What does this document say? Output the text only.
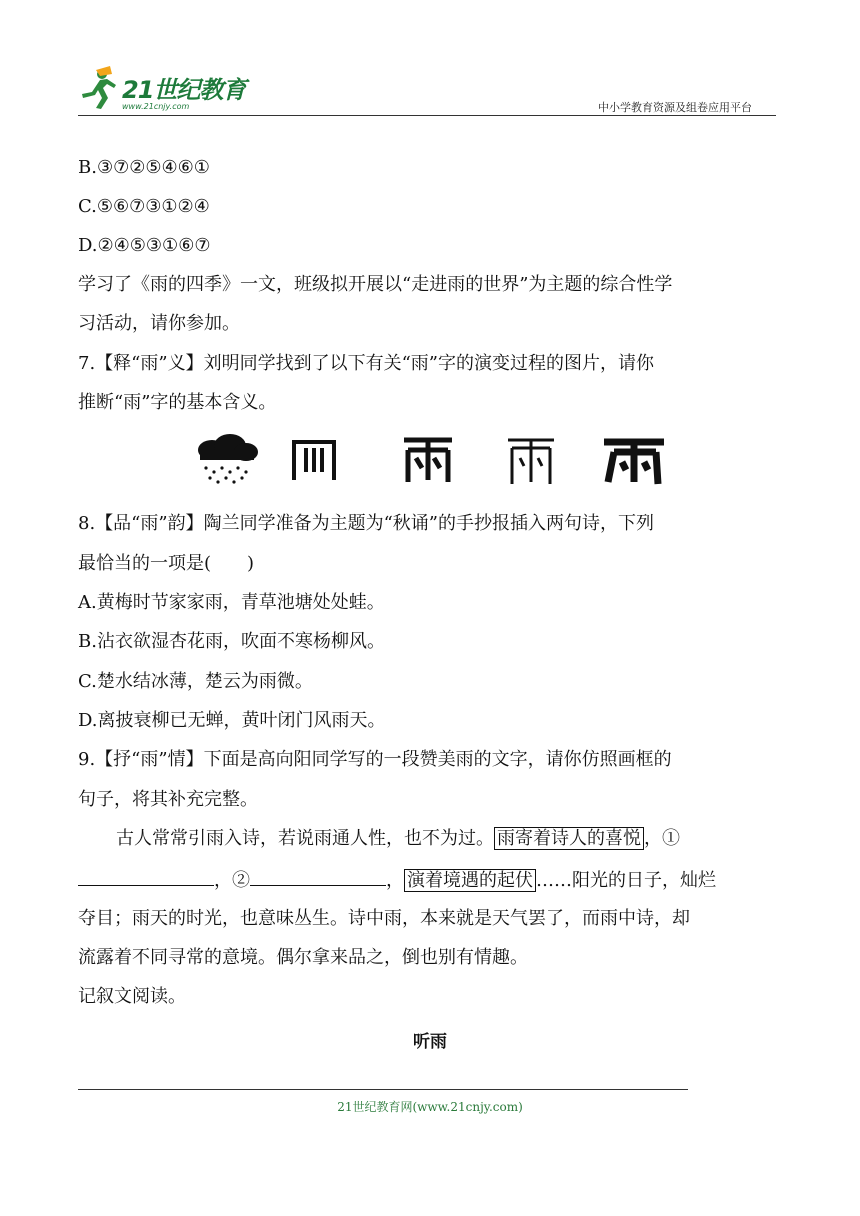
21世纪教育
www.21cnjy.com	中小学教育资源及组卷应用平台
B.③⑦②⑤④⑥①
C.⑤⑥⑦③①②④
D.②④⑤③①⑥⑦
学习了《雨的四季》一文，班级拟开展以“走进雨的世界”为主题的综合性学
习活动，请你参加。
7.【释“雨”义】刘明同学找到了以下有关“雨”字的演变过程的图片，请你
推断“雨”字的基本含义。
8.【品“雨”韵】陶兰同学准备为主题为“秋诵”的手抄报插入两句诗，下列
最恰当的一项是(　　)
A.黄梅时节家家雨，青草池塘处处蛙。
B.沾衣欲湿杏花雨，吹面不寒杨柳风。
C.楚水结冰薄，楚云为雨微。
D.离披衰柳已无蝉，黄叶闭门风雨天。
9.【抒“雨”情】下面是高向阳同学写的一段赞美雨的文字，请你仿照画框的
句子，将其补充完整。
古人常常引雨入诗，若说雨通人性，也不为过。 雨寄着诗人的喜悦 ，①
，②	， 演着境遇的起伏 ……阳光的日子，灿烂
夺目；雨天的时光，也意味丛生。诗中雨，本来就是天气罢了，而雨中诗，却
流露着不同寻常的意境。偶尔拿来品之，倒也别有情趣。
记叙文阅读。
听雨
21世纪教育网(www.21cnjy.com)
